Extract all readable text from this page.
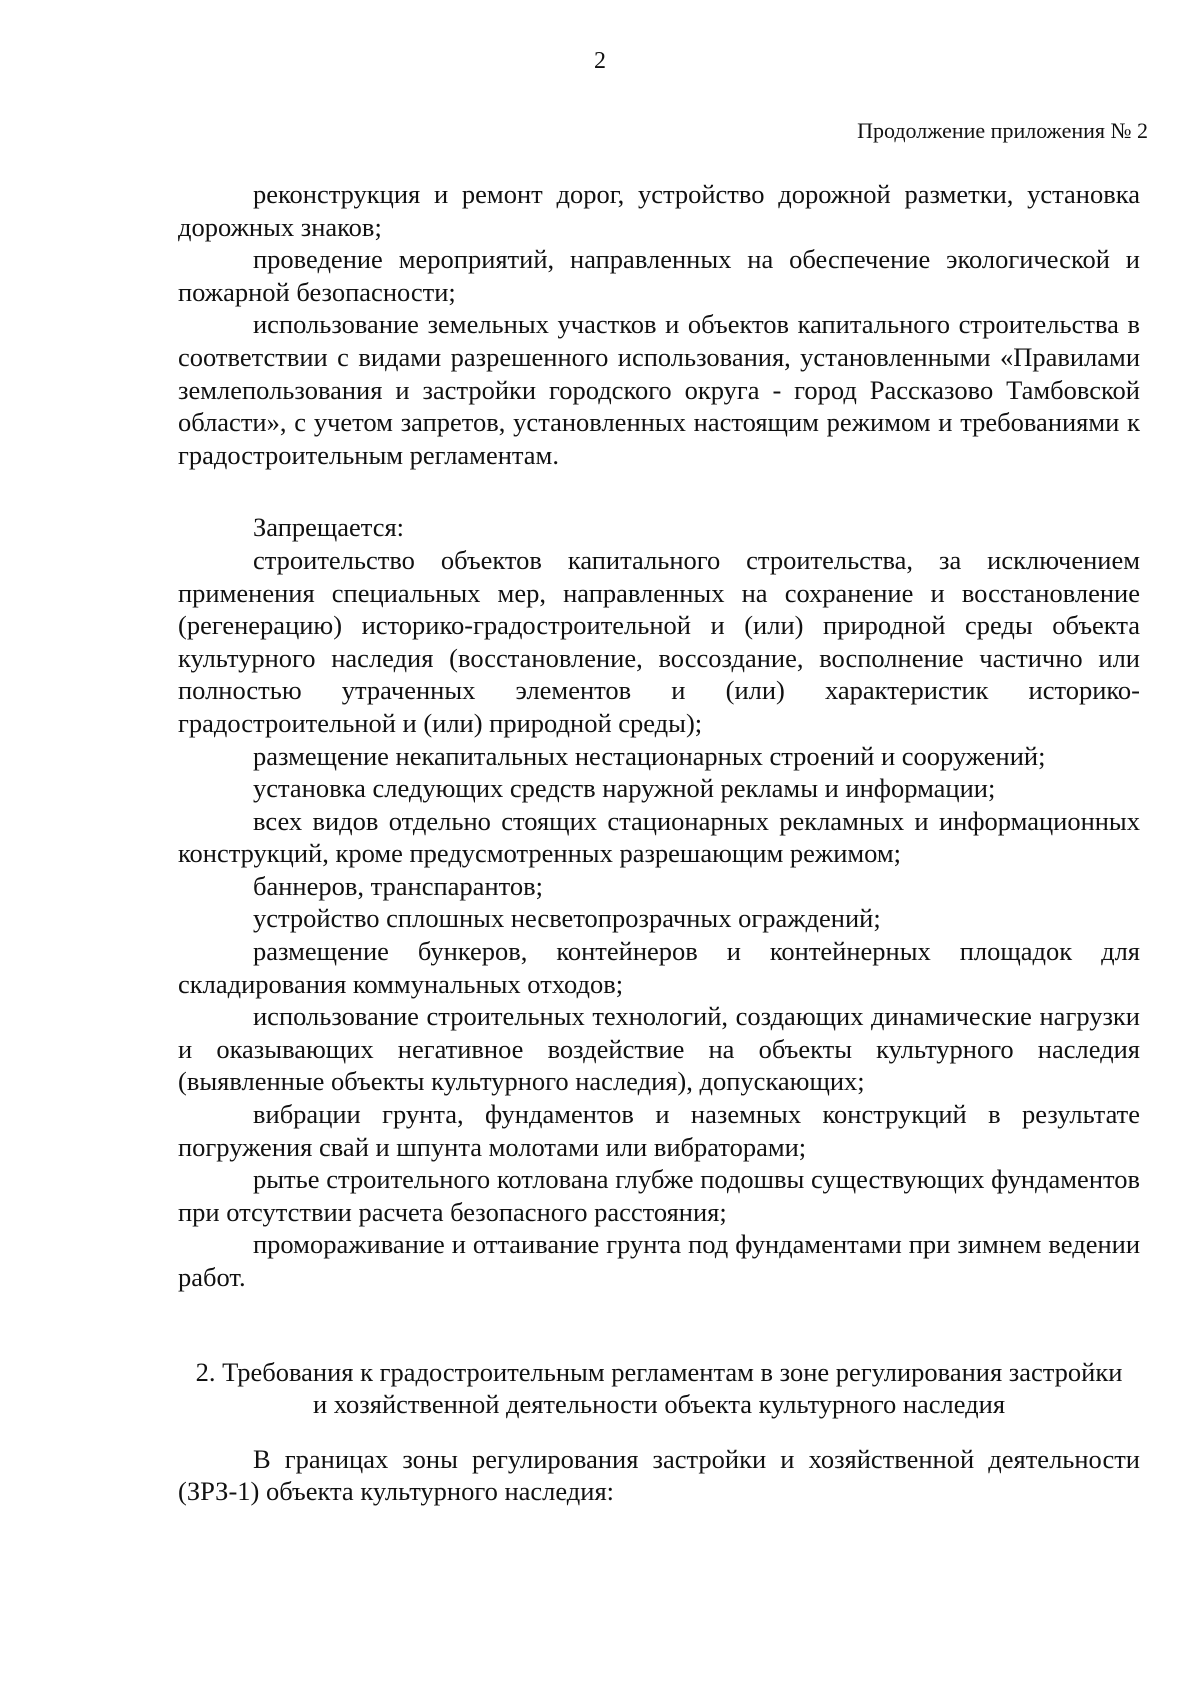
2
Продолжение приложения № 2

реконструкция и ремонт дорог, устройство дорожной разметки, установка дорожных знаков;

проведение мероприятий, направленных на обеспечение экологической и пожарной безопасности;

использование земельных участков и объектов капитального строительства в соответствии с видами разрешенного использования, установленными «Правилами землепользования и застройки городского округа - город Рассказово Тамбовской области», с учетом запретов, установленных настоящим режимом и требованиями к градостроительным регламентам.

Запрещается:

строительство объектов капитального строительства, за исключением применения специальных мер, направленных на сохранение и восстановление (регенерацию) историко-градостроительной и (или) природной среды объекта культурного наследия (восстановление, воссоздание, восполнение частично или полностью утраченных элементов и (или) характеристик историко-градостроительной и (или) природной среды);

размещение некапитальных нестационарных строений и сооружений;

установка следующих средств наружной рекламы и информации;

всех видов отдельно стоящих стационарных рекламных и информационных конструкций, кроме предусмотренных разрешающим режимом;

баннеров, транспарантов;

устройство сплошных несветопрозрачных ограждений;

размещение бункеров, контейнеров и контейнерных площадок для складирования коммунальных отходов;

использование строительных технологий, создающих динамические нагрузки и оказывающих негативное воздействие на объекты культурного наследия (выявленные объекты культурного наследия), допускающих;

вибрации грунта, фундаментов и наземных конструкций в результате погружения свай и шпунта молотами или вибраторами;

рытье строительного котлована глубже подошвы существующих фундаментов при отсутствии расчета безопасного расстояния;

промораживание и оттаивание грунта под фундаментами при зимнем ведении работ.

2. Требования к градостроительным регламентам в зоне регулирования застройки и хозяйственной деятельности объекта культурного наследия

В границах зоны регулирования застройки и хозяйственной деятельности (ЗРЗ-1) объекта культурного наследия:
